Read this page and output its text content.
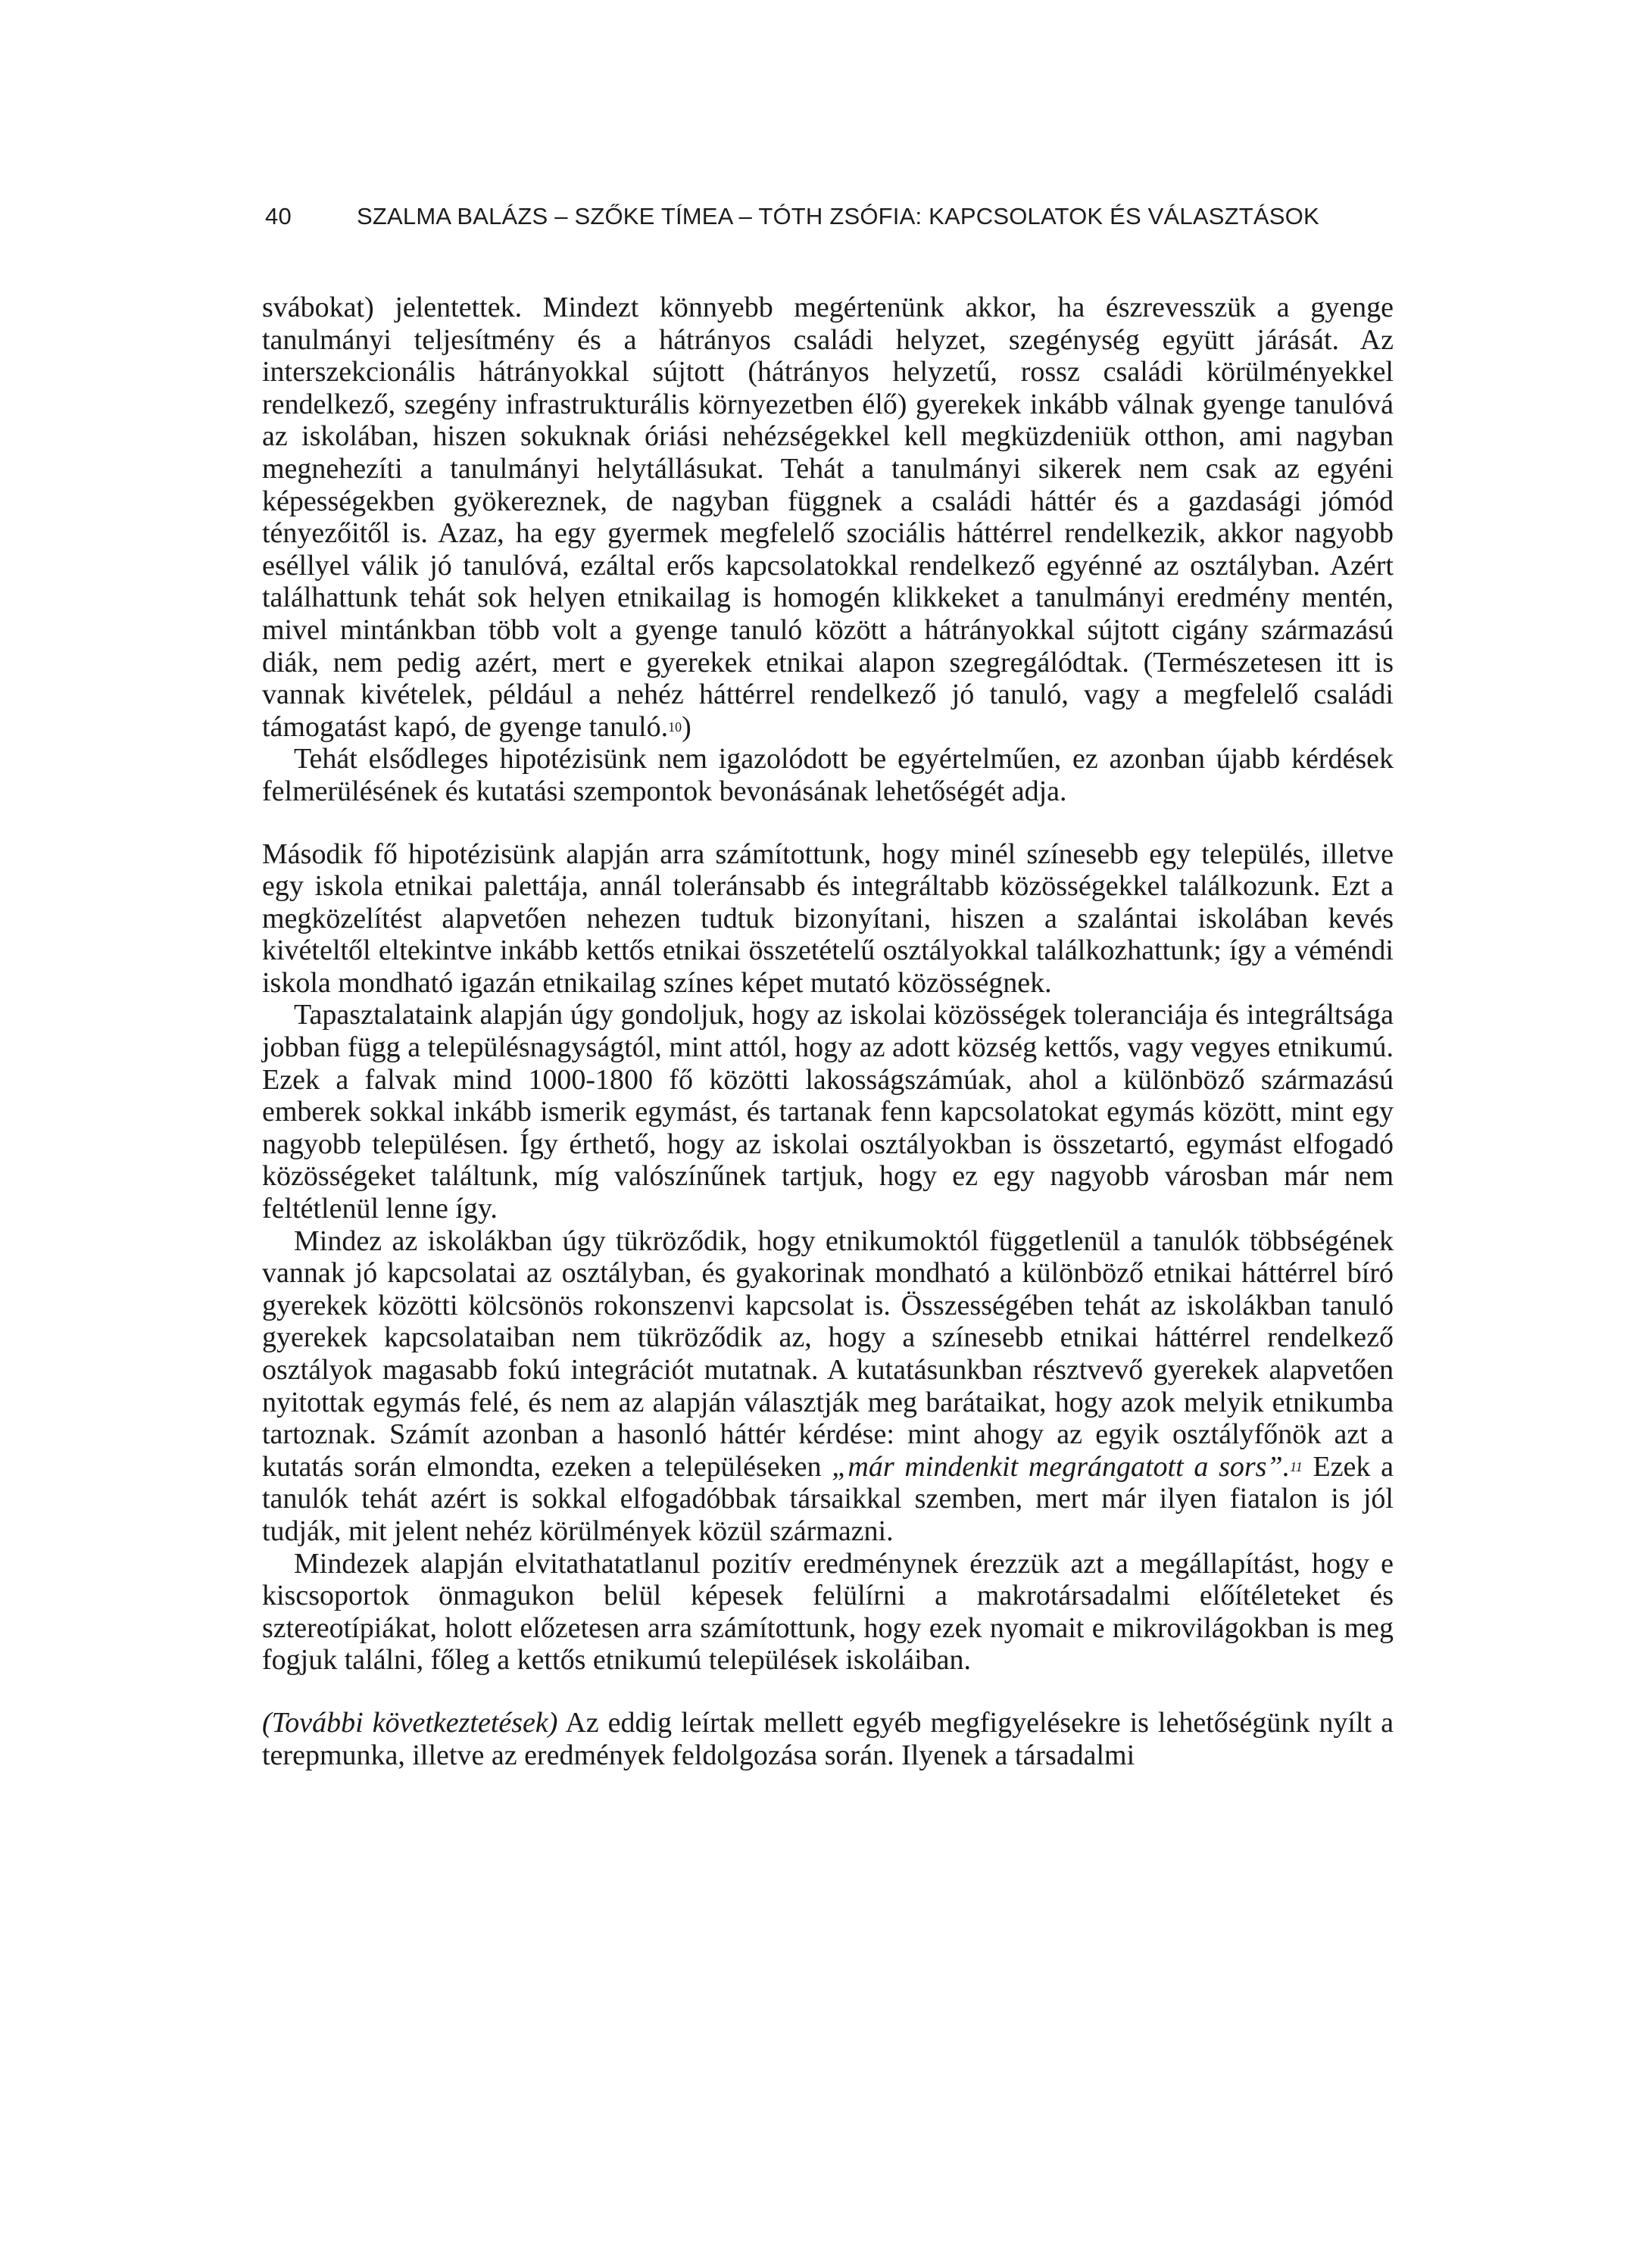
40	SZALMA BALÁZS – SZŐKE TÍMEA – TÓTH ZSÓFIA: KAPCSOLATOK ÉS VÁLASZTÁSOK

svábokat) jelentettek. Mindezt könnyebb megértenünk akkor, ha észrevesszük a gyenge tanulmányi teljesítmény és a hátrányos családi helyzet, szegénység együtt járását. Az interszekcionális hátrányokkal sújtott (hátrányos helyzetű, rossz családi körülményekkel rendelkező, szegény infrastrukturális környezetben élő) gyerekek inkább válnak gyenge tanulóvá az iskolában, hiszen sokuknak óriási nehézségekkel kell megküzdeniük otthon, ami nagyban megnehezíti a tanulmányi helytállásukat. Tehát a tanulmányi sikerek nem csak az egyéni képességekben gyökereznek, de nagyban függnek a családi háttér és a gazdasági jómód tényezőitől is. Azaz, ha egy gyermek megfelelő szociális háttérrel rendelkezik, akkor nagyobb eséllyel válik jó tanulóvá, ezáltal erős kapcsolatokkal rendelkező egyénné az osztályban. Azért találhattunk tehát sok helyen etnikailag is homogén klikkeket a tanulmányi eredmény mentén, mivel mintánkban több volt a gyenge tanuló között a hátrányokkal sújtott cigány származású diák, nem pedig azért, mert e gyerekek etnikai alapon szegregálódtak. (Természetesen itt is vannak kivételek, például a nehéz háttérrel rendelkező jó tanuló, vagy a megfelelő családi támogatást kapó, de gyenge tanuló.$^{10}$)

Tehát elsődleges hipotézisünk nem igazolódott be egyértelműen, ez azonban újabb kérdések felmerülésének és kutatási szempontok bevonásának lehetőségét adja.

Második fő hipotézisünk alapján arra számítottunk, hogy minél színesebb egy település, illetve egy iskola etnikai palettája, annál toleránsabb és integráltabb közösségekkel találkozunk. Ezt a megközelítést alapvetően nehezen tudtuk bizonyítani, hiszen a szalántai iskolában kevés kivételtől eltekintve inkább kettős etnikai összetételű osztályokkal találkozhattunk; így a véméndi iskola mondható igazán etnikailag színes képet mutató közösségnek.

Tapasztalataink alapján úgy gondoljuk, hogy az iskolai közösségek toleranciája és integráltsága jobban függ a településnagyságtól, mint attól, hogy az adott község kettős, vagy vegyes etnikumú. Ezek a falvak mind 1000-1800 fő közötti lakosságszámúak, ahol a különböző származású emberek sokkal inkább ismerik egymást, és tartanak fenn kapcsolatokat egymás között, mint egy nagyobb településen. Így érthető, hogy az iskolai osztályokban is összetartó, egymást elfogadó közösségeket találtunk, míg valószínűnek tartjuk, hogy ez egy nagyobb városban már nem feltétlenül lenne így.

Mindez az iskolákban úgy tükröződik, hogy etnikumoktól függetlenül a tanulók többségének vannak jó kapcsolatai az osztályban, és gyakorinak mondható a különböző etnikai háttérrel bíró gyerekek közötti kölcsönös rokonszenvi kapcsolat is. Összességében tehát az iskolákban tanuló gyerekek kapcsolataiban nem tükröződik az, hogy a színesebb etnikai háttérrel rendelkező osztályok magasabb fokú integrációt mutatnak. A kutatásunkban résztvevő gyerekek alapvetően nyitottak egymás felé, és nem az alapján választják meg barátaikat, hogy azok melyik etnikumba tartoznak. Számít azonban a hasonló háttér kérdése: mint ahogy az egyik osztályfőnök azt a kutatás során elmondta, ezeken a településeken „már mindenkit megrángatott a sors”.$^{11}$ Ezek a tanulók tehát azért is sokkal elfogadóbbak társaikkal szemben, mert már ilyen fiatalon is jól tudják, mit jelent nehéz körülmények közül származni.

Mindezek alapján elvitathatatlanul pozitív eredménynek érezzük azt a megállapítást, hogy e kiscsoportok önmagukon belül képesek felülírni a makrotársadalmi előítéleteket és sztereotípiákat, holott előzetesen arra számítottunk, hogy ezek nyomait e mikrovilágokban is meg fogjuk találni, főleg a kettős etnikumú települések iskoláiban.

(További következtetések) Az eddig leírtak mellett egyéb megfigyelésekre is lehetőségünk nyílt a terepmunka, illetve az eredmények feldolgozása során. Ilyenek a társadalmi
